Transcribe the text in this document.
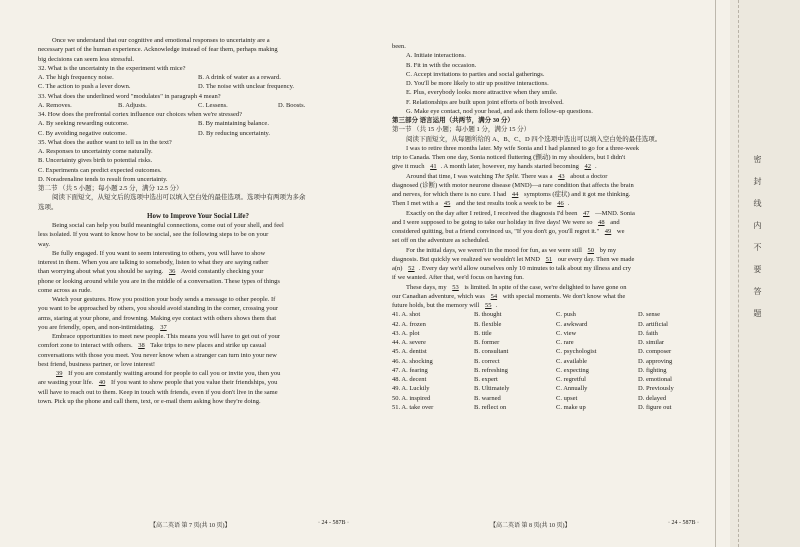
Once we understand that our cognitive and emotional responses to uncertainty are a
necessary part of the human experience. Acknowledge instead of fear them, perhaps making
big decisions can seem less stressful.
32. What is the uncertainty in the experiment with mice?
A. The high frequency noise.	B. A drink of water as a reward.
C. The action to push a lever down.	D. The noise with unclear frequency.
33. What does the underlined word "modulates" in paragraph 4 mean?
A. Removes.	B. Adjusts.	C. Lessens.	D. Boosts.
34. How does the prefrontal cortex influence our choices when we're stressed?
A. By seeking rewarding outcome.	B. By maintaining balance.
C. By avoiding negative outcome.	D. By reducing uncertainty.
35. What does the author want to tell us in the text?
A. Responses to uncertainty come naturally.
B. Uncertainty gives birth to potential risks.
C. Experiments can predict expected outcomes.
D. Noradrenaline tends to result from uncertainty.
第二节 （共 5 小题；每小题 2.5 分，满分 12.5 分）
阅读下面短文，从短文后的选项中选出可以填入空白处的最佳选项。选项中有两项为多余
选项。
How to Improve Your Social Life?
Being social can help you build meaningful connections, come out of your shell, and feel
less isolated. If you want to know how to be social, see the following steps to be on your
way.
Be fully engaged. If you want to seem interesting to others, you will have to show
interest in them. When you are talking to somebody, listen to what they are saying rather
than worrying about what you should be saying. 36 Avoid constantly checking your
phone or looking around while you are in the middle of a conversation. These types of things
come across as rude.
Watch your gestures. How you position your body sends a message to other people. If
you want to be approached by others, you should avoid standing in the corner, crossing your
arms, staring at your phone, and frowning. Making eye contact with others shows them that
you are friendly, open, and non-intimidating. 37
Embrace opportunities to meet new people. This means you will have to get out of your
comfort zone to interact with others. 38 Take trips to new places and strike up casual
conversations with those you meet. You never know when a stranger can turn into your new
best friend, business partner, or love interest!
39 If you are constantly waiting around for people to call you or invite you, then you
are wasting your life. 40 If you want to show people that you value their friendships, you
will have to reach out to them. Keep in touch with friends, even if you don't live in the same
town. Pick up the phone and call them, text, or e-mail them asking how they're doing.
【高二英语 第 7 页(共 10 页)】	· 24 - 587B ·
been.
A. Initiate interactions.
B. Fit in with the occasion.
C. Accept invitations to parties and social gatherings.
D. You'll be more likely to stir up positive interactions.
E. Plus, everybody looks more attractive when they smile.
F. Relationships are built upon joint efforts of both involved.
G. Make eye contact, nod your head, and ask them follow-up questions.
第三部分 语言运用（共两节，满分 30 分）
第一节 （共 15 小题；每小题 1 分，满分 15 分）
阅读下面短文，从每题所给的 A、B、C、D 四个选项中选出可以填入空白处的最佳选项。
I was to retire three months later. My wife Sonia and I had planned to go for a three-week
trip to Canada. Then one day, Sonia noticed fluttering (颤动) in my shoulders, but I didn't
give it much 41 . A month later, however, my hands started becoming 42 .
Around that time, I was watching The Split. There was a 43 about a doctor
diagnosed (诊断) with motor neurone disease (MND)—a rare condition that affects the brain
and nerves, for which there is no cure. I had 44 symptoms (症状) and it got me thinking.
Then I met with a 45 and the test results took a week to be 46 .
Exactly on the day after I retired, I received the diagnosis I'd been 47 —MND. Sonia
and I were supposed to be going to take our holiday in five days! We were so 48 and
considered quitting, but a friend convinced us, "If you don't go, you'll regret it." 49 we
set off on the adventure as scheduled.
For the initial days, we weren't in the mood for fun, as we were still 50 by my
diagnosis. But quickly we realized we wouldn't let MND 51 our every day. Then we made
a(n) 52 . Every day we'd allow ourselves only 10 minutes to talk about my illness and cry
if we wanted. After that, we'd focus on having fun.
These days, my 53 is limited. In spite of the case, we're delighted to have gone on
our Canadian adventure, which was 54 with special moments. We don't know what the
future holds, but the memory will 55 .
41. A. shot	B. thought	C. push	D. sense
42. A. frozen	B. flexible	C. awkward	D. artificial
43. A. plot	B. title	C. view	D. faith
44. A. severe	B. former	C. rare	D. similar
45. A. dentist	B. consultant	C. psychologist	D. composer
46. A. shocking	B. correct	C. available	D. approving
47. A. fearing	B. refreshing	C. expecting	D. fighting
48. A. decent	B. expert	C. regretful	D. emotional
49. A. Luckily	B. Ultimately	C. Annually	D. Previously
50. A. inspired	B. warned	C. upset	D. delayed
51. A. take over	B. reflect on	C. make up	D. figure out
【高二英语 第 8 页(共 10 页)】	· 24 - 587B ·
密封线内不要答题
